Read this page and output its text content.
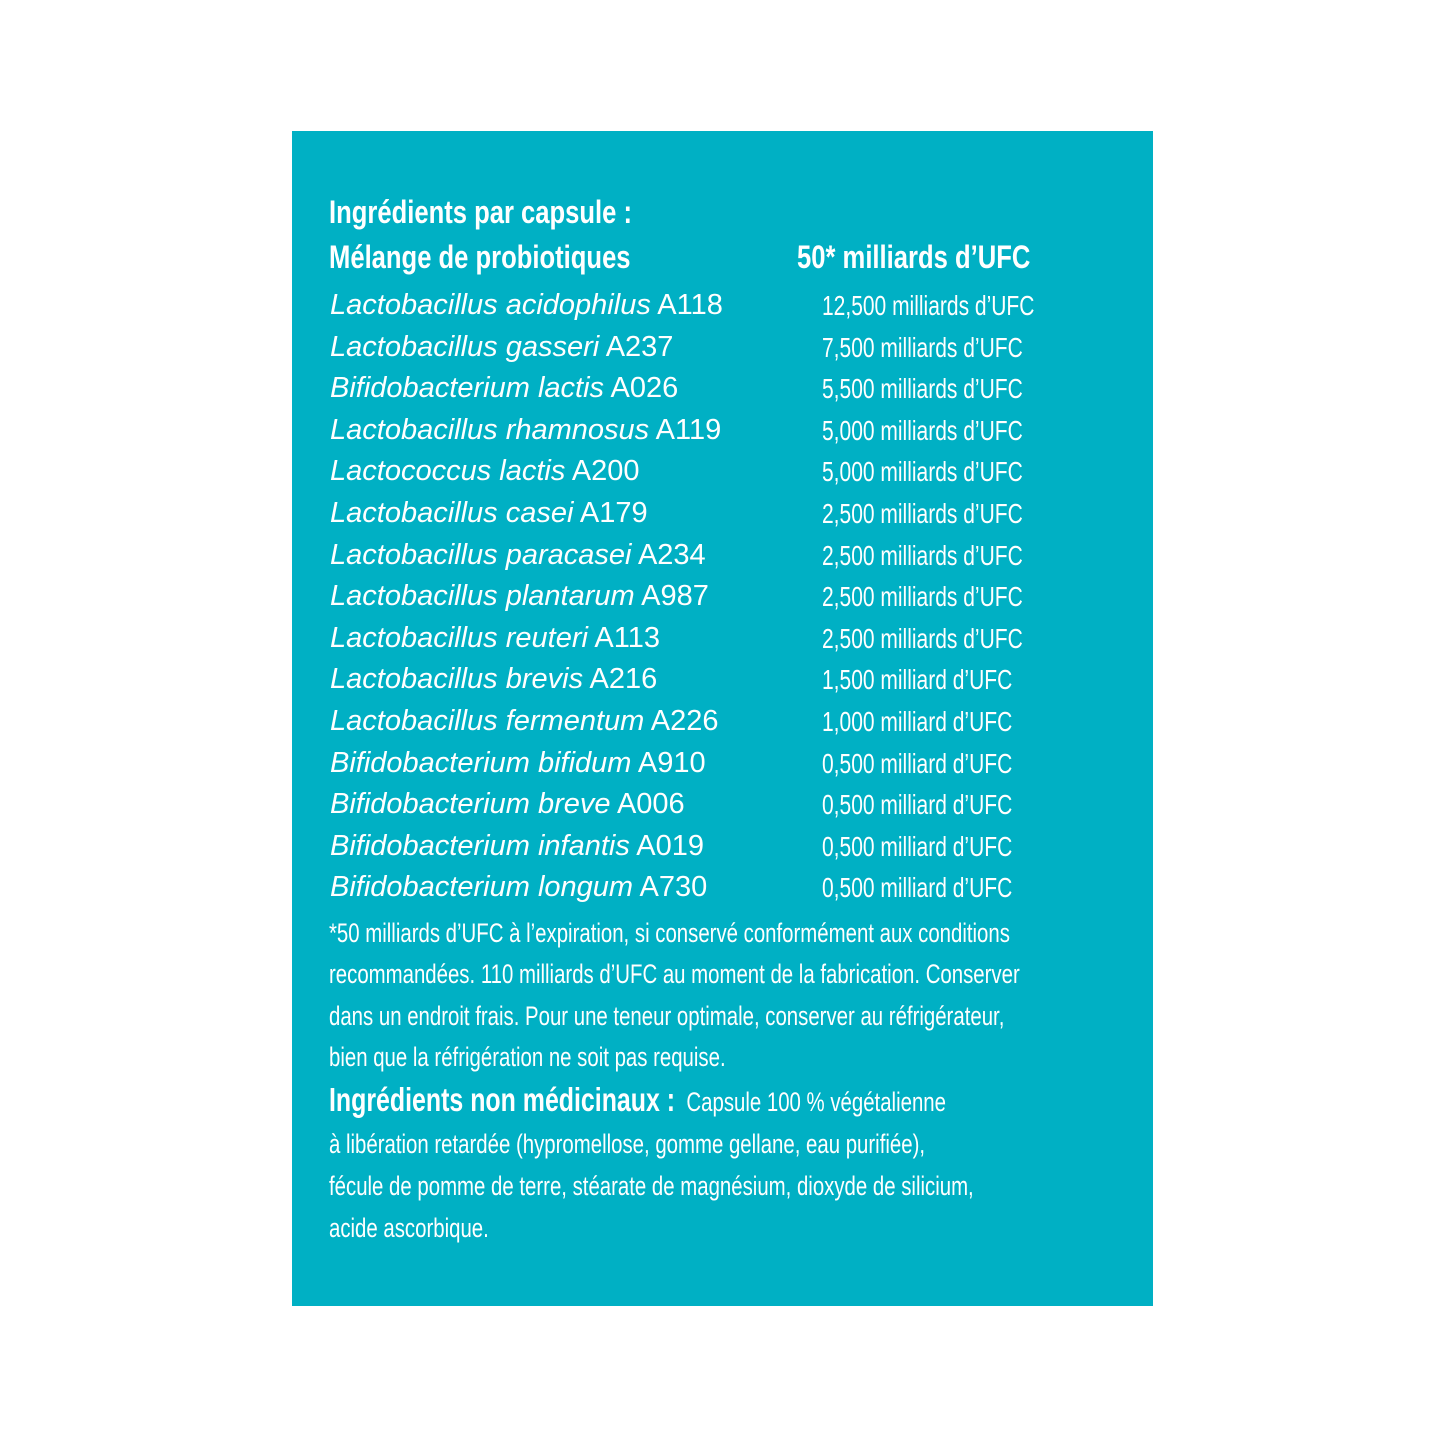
Ingrédients par capsule :
Mélange de probiotiques	50* milliards d’UFC
Lactobacillus acidophilus A118	12,500 milliards d’UFC
Lactobacillus gasseri A237	7,500 milliards d’UFC
Bifidobacterium lactis A026	5,500 milliards d’UFC
Lactobacillus rhamnosus A119	5,000 milliards d’UFC
Lactococcus lactis A200	5,000 milliards d’UFC
Lactobacillus casei A179	2,500 milliards d’UFC
Lactobacillus paracasei A234	2,500 milliards d’UFC
Lactobacillus plantarum A987	2,500 milliards d’UFC
Lactobacillus reuteri A113	2,500 milliards d’UFC
Lactobacillus brevis A216	1,500 milliard d’UFC
Lactobacillus fermentum A226	1,000 milliard d’UFC
Bifidobacterium bifidum A910	0,500 milliard d’UFC
Bifidobacterium breve A006	0,500 milliard d’UFC
Bifidobacterium infantis A019	0,500 milliard d’UFC
Bifidobacterium longum A730	0,500 milliard d’UFC
*50 milliards d’UFC à l’expiration, si conservé conformément aux conditions
recommandées. 110 milliards d’UFC au moment de la fabrication. Conserver
dans un endroit frais. Pour une teneur optimale, conserver au réfrigérateur,
bien que la réfrigération ne soit pas requise.
Ingrédients non médicinaux : Capsule 100 % végétalienne
à libération retardée (hypromellose, gomme gellane, eau purifiée),
fécule de pomme de terre, stéarate de magnésium, dioxyde de silicium,
acide ascorbique.
